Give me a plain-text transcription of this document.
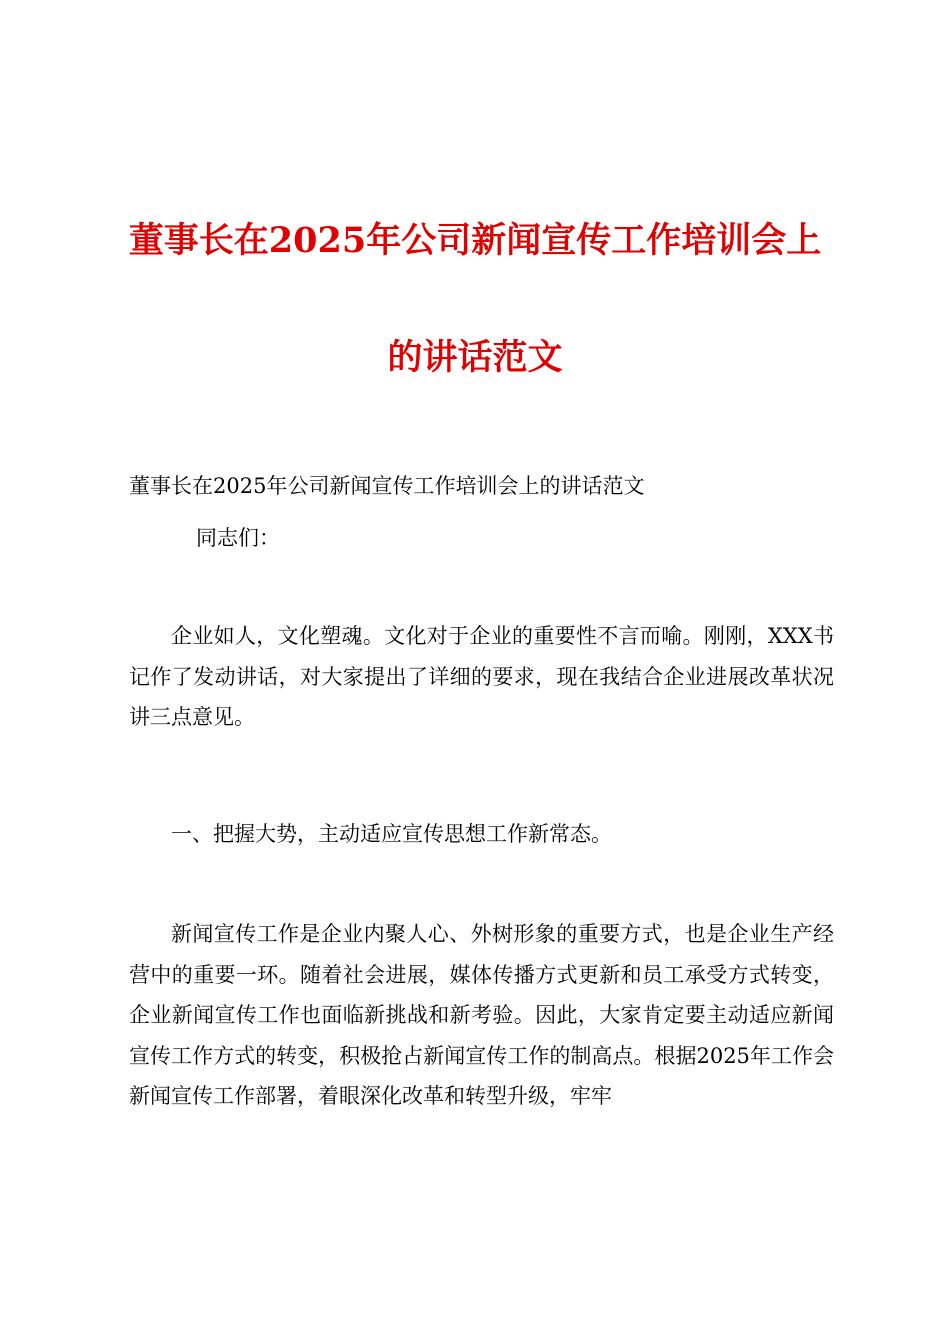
董事长在2025年公司新闻宣传工作培训会上
的讲话范文
董事长在2025年公司新闻宣传工作培训会上的讲话范文
同志们：
企业如人，文化塑魂。文化对于企业的重要性不言而喻。刚刚，XXX书记作了发动讲话，对大家提出了详细的要求，现在我结合企业进展改革状况讲三点意见。
一、把握大势，主动适应宣传思想工作新常态。
新闻宣传工作是企业内聚人心、外树形象的重要方式，也是企业生产经营中的重要一环。随着社会进展，媒体传播方式更新和员工承受方式转变，企业新闻宣传工作也面临新挑战和新考验。因此，大家肯定要主动适应新闻宣传工作方式的转变，积极抢占新闻宣传工作的制高点。根据2025年工作会新闻宣传工作部署，着眼深化改革和转型升级，牢牢
